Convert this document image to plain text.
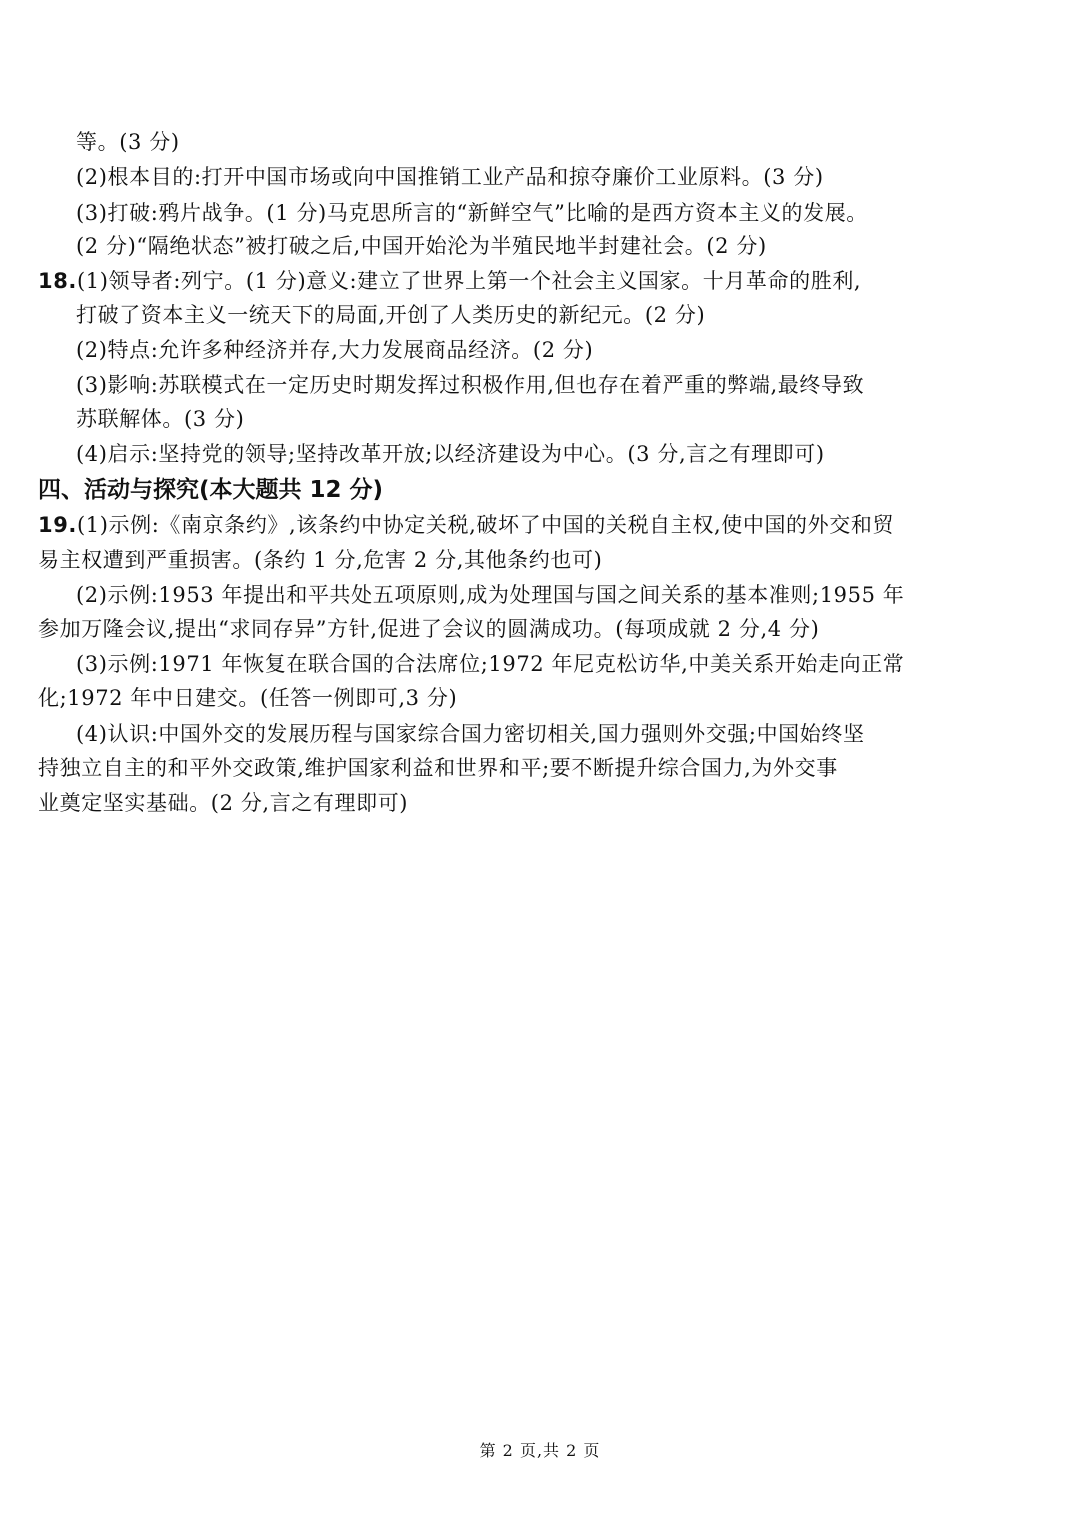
等。(3 分)
(2)根本目的:打开中国市场或向中国推销工业产品和掠夺廉价工业原料。(3 分)
(3)打破:鸦片战争。(1 分)马克思所言的“新鲜空气”比喻的是西方资本主义的发展。
(2 分)“隔绝状态”被打破之后,中国开始沦为半殖民地半封建社会。(2 分)
18.(1)领导者:列宁。(1 分)意义:建立了世界上第一个社会主义国家。十月革命的胜利,
打破了资本主义一统天下的局面,开创了人类历史的新纪元。(2 分)
(2)特点:允许多种经济并存,大力发展商品经济。(2 分)
(3)影响:苏联模式在一定历史时期发挥过积极作用,但也存在着严重的弊端,最终导致
苏联解体。(3 分)
(4)启示:坚持党的领导;坚持改革开放;以经济建设为中心。(3 分,言之有理即可)
四、活动与探究(本大题共 12 分)
19.(1)示例:《南京条约》,该条约中协定关税,破坏了中国的关税自主权,使中国的外交和贸
易主权遭到严重损害。(条约 1 分,危害 2 分,其他条约也可)
(2)示例:1953 年提出和平共处五项原则,成为处理国与国之间关系的基本准则;1955 年
参加万隆会议,提出“求同存异”方针,促进了会议的圆满成功。(每项成就 2 分,4 分)
(3)示例:1971 年恢复在联合国的合法席位;1972 年尼克松访华,中美关系开始走向正常
化;1972 年中日建交。(任答一例即可,3 分)
(4)认识:中国外交的发展历程与国家综合国力密切相关,国力强则外交强;中国始终坚
持独立自主的和平外交政策,维护国家利益和世界和平;要不断提升综合国力,为外交事
业奠定坚实基础。(2 分,言之有理即可)
第 2 页,共 2 页
